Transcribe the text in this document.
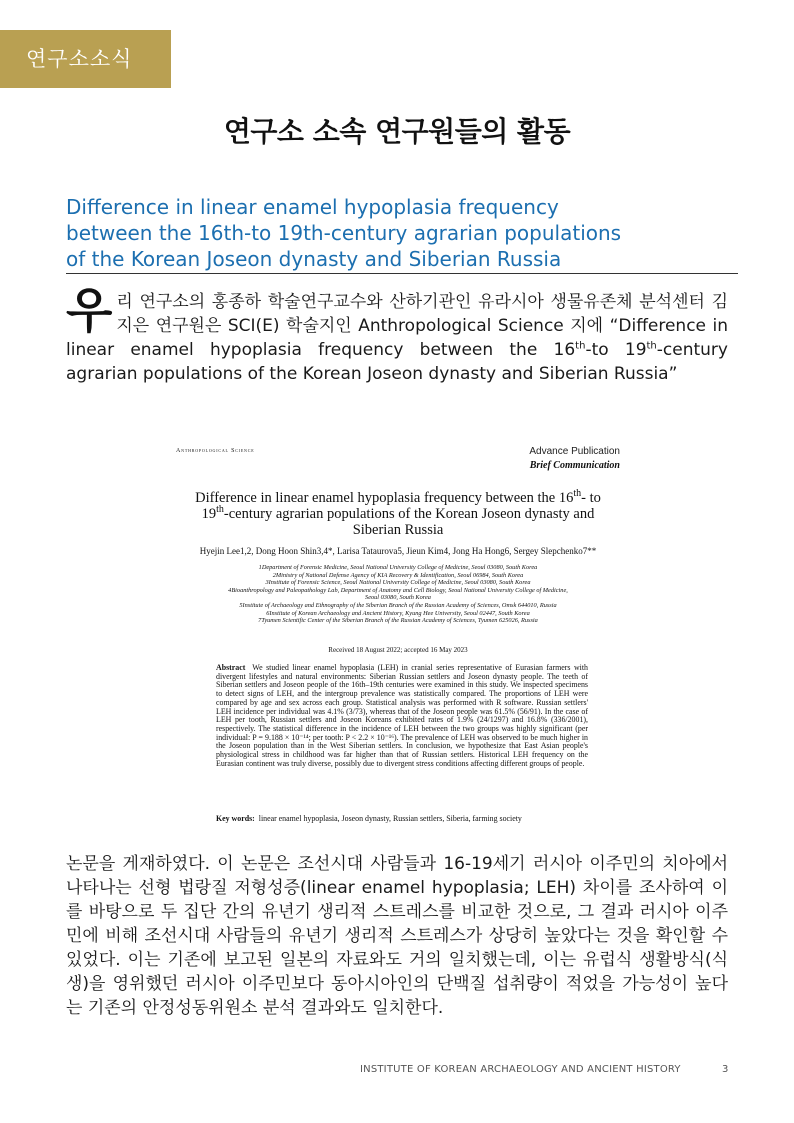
연구소소식
연구소 소속 연구원들의 활동
Difference in linear enamel hypoplasia frequency
between the 16th-to 19th-century agrarian populations
of the Korean Joseon dynasty and Siberian Russia
우리 연구소의 홍종하 학술연구교수와 산하기관인 유라시아 생물유존체 분석센터 김지은 연구원은 SCI(E) 학술지인 Anthropological Science 지에 “Difference in linear enamel hypoplasia frequency between the 16th-to 19th-century agrarian populations of the Korean Joseon dynasty and Siberian Russia”
Anthropological Science	Advance Publication
Brief Communication
Difference in linear enamel hypoplasia frequency between the 16th- to
19th-century agrarian populations of the Korean Joseon dynasty and
Siberian Russia
Hyejin Lee1,2, Dong Hoon Shin3,4*, Larisa Tataurova5, Jieun Kim4, Jong Ha Hong6, Sergey Slepchenko7**
1Department of Forensic Medicine, Seoul National University College of Medicine, Seoul 03080, South Korea
2Ministry of National Defense Agency of KIA Recovery & Identification, Seoul 06984, South Korea
3Institute of Forensic Science, Seoul National University College of Medicine, Seoul 03080, South Korea
4Bioanthropology and Paleopathology Lab, Department of Anatomy and Cell Biology, Seoul National University College of Medicine,
Seoul 03080, South Korea
5Institute of Archaeology and Ethnography of the Siberian Branch of the Russian Academy of Sciences, Omsk 644010, Russia
6Institute of Korean Archaeology and Ancient History, Kyung Hee University, Seoul 02447, South Korea
7Tyumen Scientific Center of the Siberian Branch of the Russian Academy of Sciences, Tyumen 625026, Russia
Received 18 August 2022; accepted 16 May 2023
Abstract We studied linear enamel hypoplasia (LEH) in cranial series representative of Eurasian farmers with divergent lifestyles and natural environments: Siberian Russian settlers and Joseon dynasty people. The teeth of Siberian settlers and Joseon people of the 16th–19th centuries were examined in this study. We inspected specimens to detect signs of LEH, and the intergroup prevalence was statistically compared. The proportions of LEH were compared by age and sex across each group. Statistical analysis was performed with R software. Russian settlers' LEH incidence per individual was 4.1% (3/73), whereas that of the Joseon people was 61.5% (56/91). In the case of LEH per tooth, Russian settlers and Joseon Koreans exhibited rates of 1.9% (24/1297) and 16.8% (336/2001), respectively. The statistical difference in the incidence of LEH between the two groups was highly significant (per individual: P = 9.188 × 10⁻¹⁴; per tooth: P < 2.2 × 10⁻¹⁶). The prevalence of LEH was observed to be much higher in the Joseon population than in the West Siberian settlers. In conclusion, we hypothesize that East Asian people's physiological stress in childhood was far higher than that of Russian settlers. Historical LEH frequency on the Eurasian continent was truly diverse, possibly due to divergent stress conditions affecting different groups of people.
Key words: linear enamel hypoplasia, Joseon dynasty, Russian settlers, Siberia, farming society
논문을 게재하였다. 이 논문은 조선시대 사람들과 16-19세기 러시아 이주민의 치아에서 나타나는 선형 법랑질 저형성증(linear enamel hypoplasia; LEH) 차이를 조사하여 이를 바탕으로 두 집단 간의 유년기 생리적 스트레스를 비교한 것으로, 그 결과 러시아 이주민에 비해 조선시대 사람들의 유년기 생리적 스트레스가 상당히 높았다는 것을 확인할 수 있었다. 이는 기존에 보고된 일본의 자료와도 거의 일치했는데, 이는 유럽식 생활방식(식생)을 영위했던 러시아 이주민보다 동아시아인의 단백질 섭취량이 적었을 가능성이 높다는 기존의 안정성동위원소 분석 결과와도 일치한다.
INSTITUTE OF KOREAN ARCHAEOLOGY AND ANCIENT HISTORY	3
